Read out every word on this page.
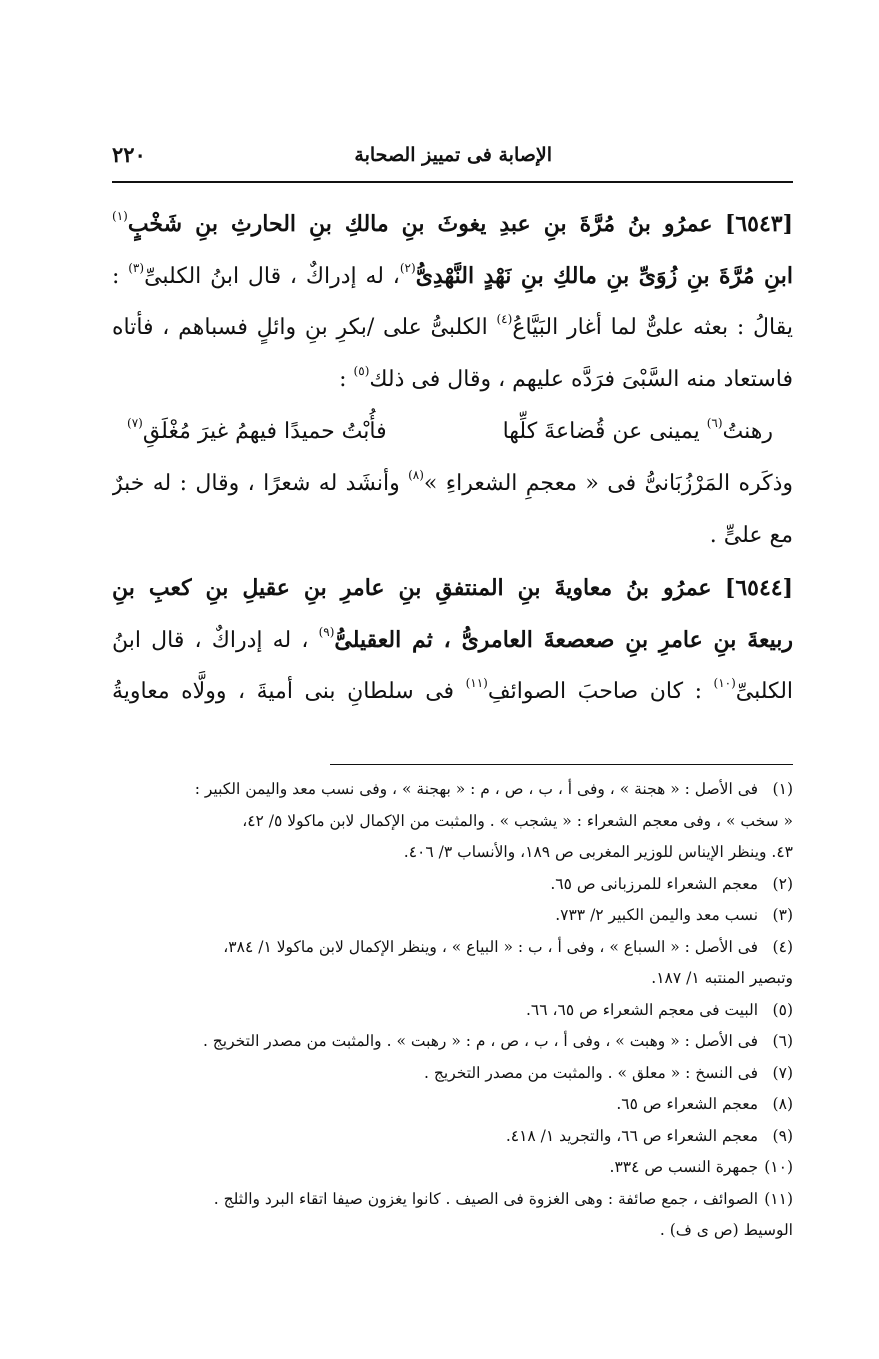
٢٢٠	الإصابة فى تمييز الصحابة
[٦٥٤٣] عمرُو بنُ مُرَّةَ بنِ عبدِ يغوثَ بنِ مالكِ بنِ الحارثِ بنِ شَخْبٍ$^{(١)}$
ابنِ مُرَّةَ بنِ زُوَىِّ بنِ مالكِ بنِ نَهْدٍ النَّهْدِىُّ$^{(٢)}$، له إدراكٌ ، قال ابنُ الكلبىِّ$^{(٣)}$ :
يقالُ : بعثه علىٌّ لما أغار البَيَّاعُ$^{(٤)}$ الكلبىُّ على /بكرِ بنِ وائلٍ فسباهم ، فأتاه
فاستعاد منه السَّبْىَ فرَدَّه عليهم ، وقال فى ذلك$^{(٥)}$ :
رهنتُ$^{(٦)}$ يمينى عن قُضاعةَ كلِّها
فأُبْتُ حميدًا فيهمُ غيرَ مُغْلَقِ$^{(٧)}$
وذكَره المَرْزُبَانىُّ فى « معجمِ الشعراءِ »$^{(٨)}$ وأنشَد له شعرًا ، وقال : له خبرٌ
مع علىٍّ .
[٦٥٤٤] عمرُو بنُ معاويةَ بنِ المنتفقِ بنِ عامرِ بنِ عقيلِ بنِ كعبِ بنِ
ربيعةَ بنِ عامرِ بنِ صعصعةَ العامرىُّ ، ثم العقيلىُّ$^{(٩)}$ ، له إدراكٌ ، قال ابنُ
الكلبىِّ$^{(١٠)}$ : كان صاحبَ الصوائفِ$^{(١١)}$ فى سلطانِ بنى أميةَ ، وولَّاه معاويةُ
(١) فى الأصل : « هجنة » ، وفى أ ، ب ، ص ، م : « بهجنة » ، وفى نسب معد واليمن الكبير :
« سخب » ، وفى معجم الشعراء : « يشجب » . والمثبت من الإكمال لابن ماكولا ٥/ ٤٢،
٤٣. وينظر الإيناس للوزير المغربى ص ١٨٩، والأنساب ٣/ ٤٠٦.
(٢) معجم الشعراء للمرزبانى ص ٦٥.
(٣) نسب معد واليمن الكبير ٢/ ٧٣٣.
(٤) فى الأصل : « السباع » ، وفى أ ، ب : « البياع » ، وينظر الإكمال لابن ماكولا ١/ ٣٨٤،
وتبصير المنتبه ١/ ١٨٧.
(٥) البيت فى معجم الشعراء ص ٦٥، ٦٦.
(٦) فى الأصل : « وهبت » ، وفى أ ، ب ، ص ، م : « رهبت » . والمثبت من مصدر التخريج .
(٧) فى النسخ : « معلق » . والمثبت من مصدر التخريج .
(٨) معجم الشعراء ص ٦٥.
(٩) معجم الشعراء ص ٦٦، والتجريد ١/ ٤١٨.
(١٠) جمهرة النسب ص ٣٣٤.
(١١) الصوائف ، جمع صائفة : وهى الغزوة فى الصيف . كانوا يغزون صيفا اتقاء البرد والثلج .
الوسيط (ص ى ف) .
